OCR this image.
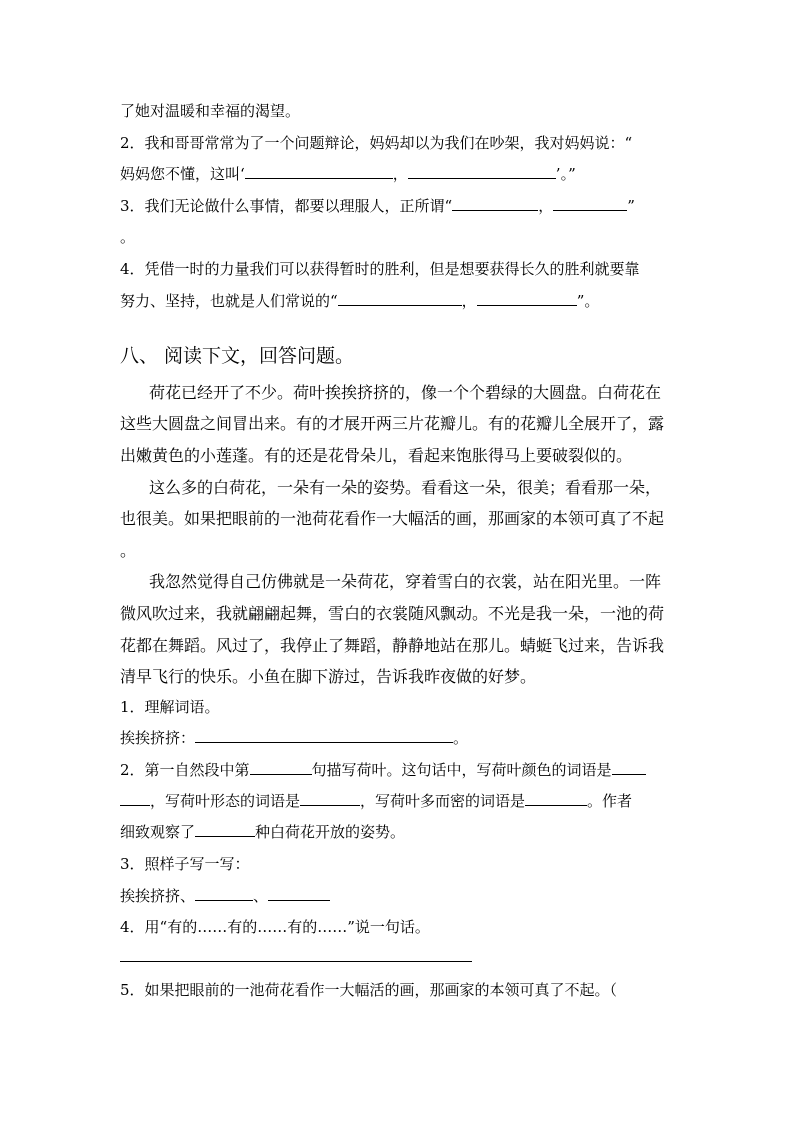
了她对温暖和幸福的渴望。
2．我和哥哥常常为了一个问题辩论，妈妈却以为我们在吵架，我对妈妈说：“
妈妈您不懂，这叫‘	，	’。”
3．我们无论做什么事情，都要以理服人，正所谓“	，	”
。
4．凭借一时的力量我们可以获得暂时的胜利，但是想要获得长久的胜利就要靠
努力、坚持，也就是人们常说的“	，	”。
八、 阅读下文，回答问题。
荷花已经开了不少。荷叶挨挨挤挤的，像一个个碧绿的大圆盘。白荷花在
这些大圆盘之间冒出来。有的才展开两三片花瓣儿。有的花瓣儿全展开了，露
出嫩黄色的小莲蓬。有的还是花骨朵儿，看起来饱胀得马上要破裂似的。
这么多的白荷花，一朵有一朵的姿势。看看这一朵，很美；看看那一朵，
也很美。如果把眼前的一池荷花看作一大幅活的画，那画家的本领可真了不起
。
我忽然觉得自己仿佛就是一朵荷花，穿着雪白的衣裳，站在阳光里。一阵
微风吹过来，我就翩翩起舞，雪白的衣裳随风飘动。不光是我一朵，一池的荷
花都在舞蹈。风过了，我停止了舞蹈，静静地站在那儿。蜻蜓飞过来，告诉我
清早飞行的快乐。小鱼在脚下游过，告诉我昨夜做的好梦。
1．理解词语。
挨挨挤挤：	。
2．第一自然段中第	句描写荷叶。这句话中，写荷叶颜色的词语是
，写荷叶形态的词语是	，写荷叶多而密的词语是	。作者
细致观察了	种白荷花开放的姿势。
3．照样子写一写：
挨挨挤挤、	、
4．用“有的……有的……有的……”说一句话。
5．如果把眼前的一池荷花看作一大幅活的画，那画家的本领可真了不起。（
